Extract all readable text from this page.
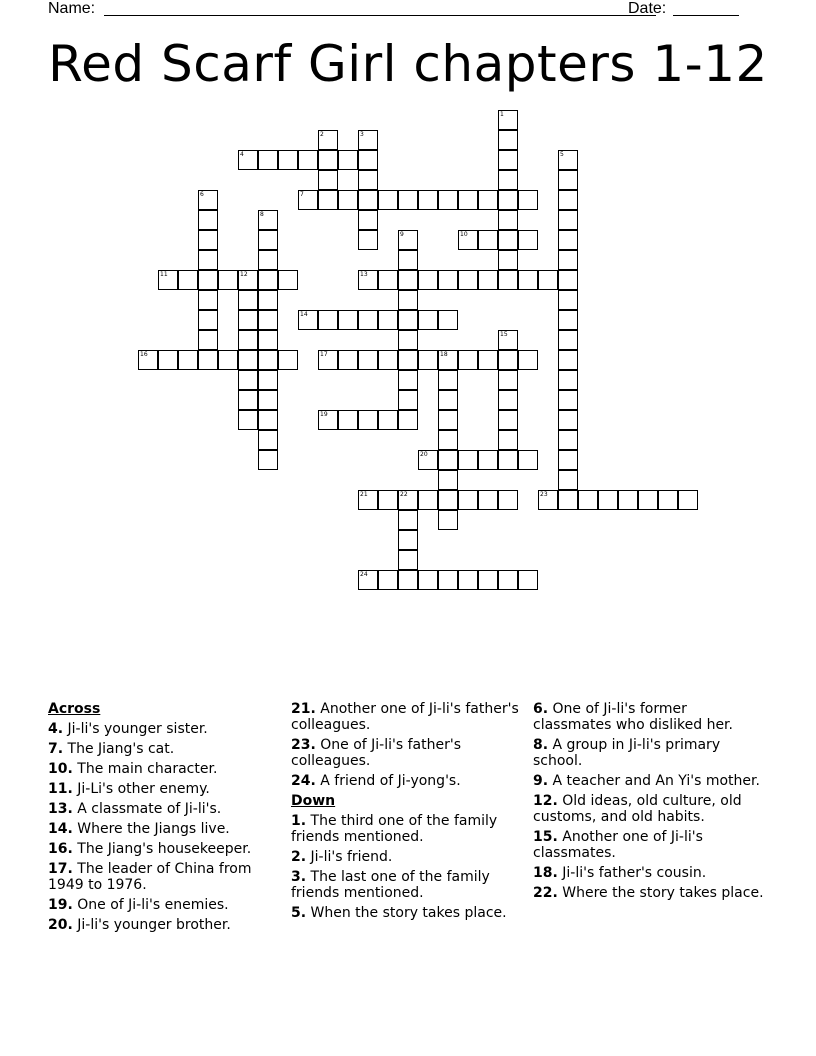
Name:	Date:
Red Scarf Girl chapters 1-12
4
7
10
11	12	13
14
16	17	18
19
20
21	22	23
24
1
2	3
5
6
8
9
15
Across
4. Ji-li's younger sister.
7. The Jiang's cat.
10. The main character.
11. Ji-Li's other enemy.
13. A classmate of Ji-li's.
14. Where the Jiangs live.
16. The Jiang's housekeeper.
17. The leader of China from 1949 to 1976.
19. One of Ji-li's enemies.
20. Ji-li's younger brother.
21. Another one of Ji-li's father's colleagues.
23. One of Ji-li's father's colleagues.
24. A friend of Ji-yong's.
Down
1. The third one of the family friends mentioned.
2. Ji-li's friend.
3. The last one of the family friends mentioned.
5. When the story takes place.
6. One of Ji-li's former classmates who disliked her.
8. A group in Ji-li's primary school.
9. A teacher and An Yi's mother.
12. Old ideas, old culture, old customs, and old habits.
15. Another one of Ji-li's classmates.
18. Ji-li's father's cousin.
22. Where the story takes place.
